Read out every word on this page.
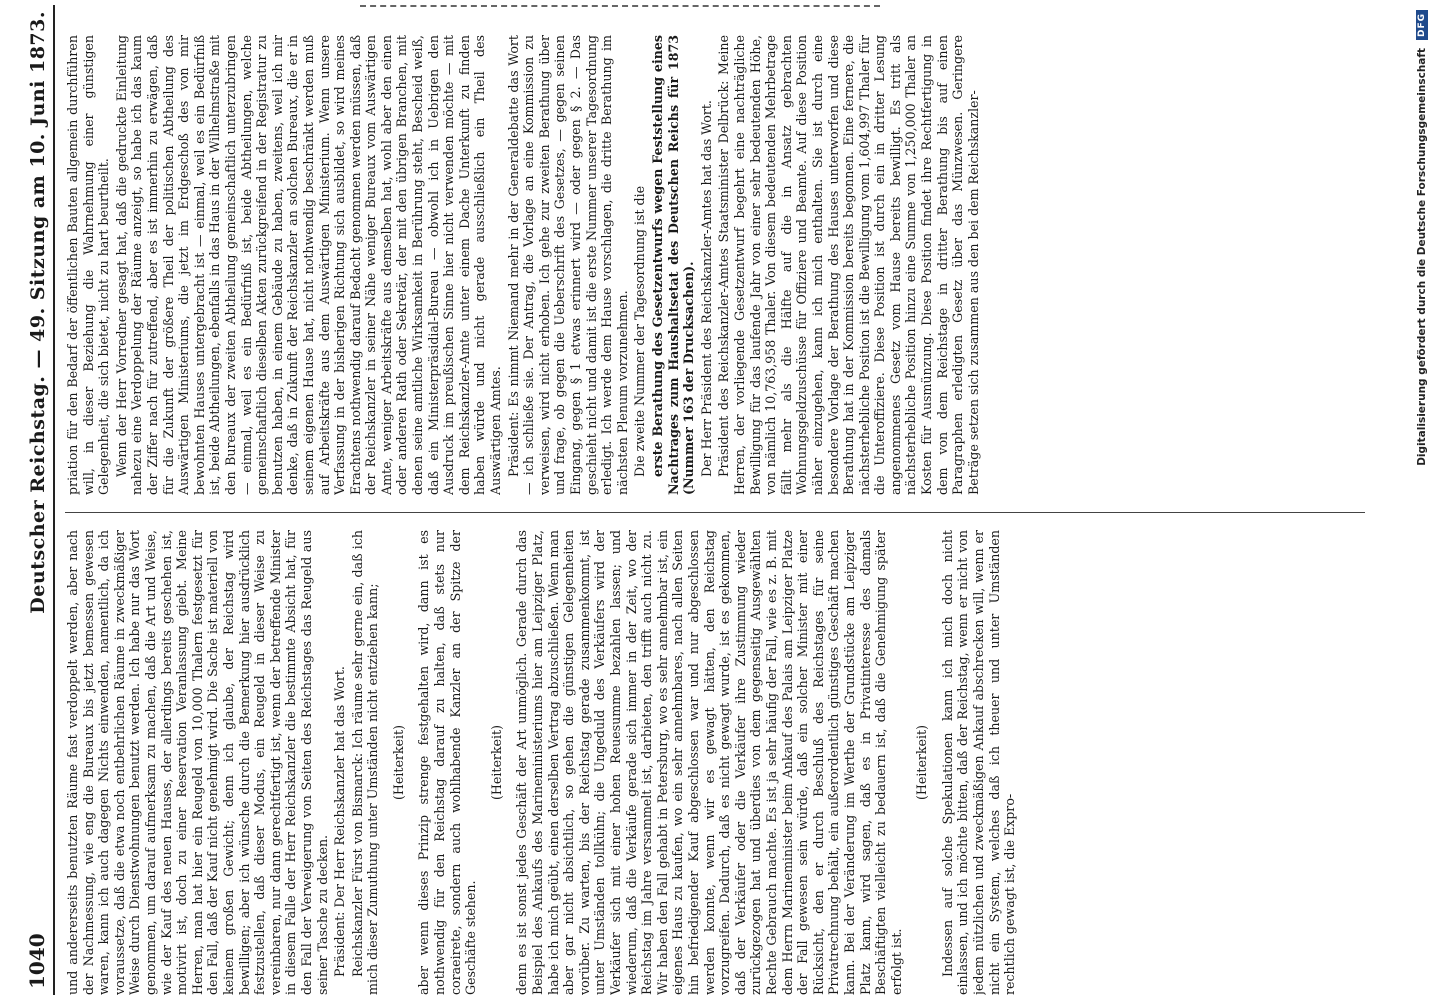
1040
Deutscher Reichstag. — 49. Sitzung am 10. Juni 1873.

und andererseits benutzten Räume fast verdoppelt werden, aber nach der Nachmessung, wie eng die Bureaux bis jetzt bemessen gewesen waren, kann ich auch dagegen Nichts einwenden, namentlich, da ich voraussetze, daß die etwa noch entbehrlichen Räume in zweckmäßiger Weise durch Dienstwohnungen benutzt werden. Ich habe nur das Wort genommen, um darauf aufmerksam zu machen, daß die Art und Weise, wie der Kauf des neuen Hauses, der allerdings bereits geschehen ist, motivirt ist, doch zu einer Reservation Veranlassung giebt. Meine Herren, man hat hier ein Reugeld von 10,000 Thalern festgesetzt für den Fall, daß der Kauf nicht genehmigt wird. Die Sache ist materiell von keinem großen Gewicht; denn ich glaube, der Reichstag wird bewilligen; aber ich wünsche durch die Bemerkung hier ausdrücklich festzustellen, daß dieser Modus, ein Reugeld in dieser Weise zu vereinbaren, nur dann gerechtfertigt ist, wenn der betreffende Minister in diesem Falle der Herr Reichskanzler die bestimmte Absicht hat, für den Fall der Verweigerung von Seiten des Reichstages das Reugeld aus seiner Tasche zu decken. Präsident: Der Herr Reichskanzler hat das Wort. Reichskanzler Fürst von Bismarck: Ich räume sehr gerne ein, daß ich mich dieser Zumuthung unter Umständen nicht entziehen kann; (Heiterkeit) aber wenn dieses Prinzip strenge festgehalten wird, dann ist es nothwendig für den Reichstag darauf zu halten, daß stets nur coraeirete, sondern auch wohlhabende Kanzler an der Spitze der Geschäfte stehen.

(Heiterkeit) denn es ist sonst jedes Geschäft der Art unmöglich. Gerade durch das Beispiel des Ankaufs des Marineministeriums hier am Leipziger Platz, habe ich mich geübt, einen derselben Vertrag abzuschließen. Wenn man aber gar nicht absichtlich, so gehen die günstigen Gelegenheiten vorüber. Zu warten, bis der Reichstag gerade zusammenkommt, ist unter Umständen tollkühn; die Ungeduld des Verkäufers wird der Verkäufer sich mit einer hohen Reuesumme bezahlen lassen; und wiederum, daß die Verkäufe gerade sich immer in der Zeit, wo der Reichstag im Jahre versammelt ist, darbieten, den trifft auch nicht zu. Wir haben den Fall gehabt in Petersburg, wo es sehr annehmbar ist, ein eigenes Haus zu kaufen, wo ein sehr annehmbares, nach allen Seiten hin befriedigender Kauf abgeschlossen war und nur abgeschlossen werden konnte, wenn wir es gewagt hätten, den Reichstag vorzugreifen. Dadurch, daß es nicht gewagt wurde, ist es gekommen, daß der Verkäufer oder die Verkäufer ihre Zustimmung wieder zurückgezogen hat und überdies von dem gegenseitig Ausgewählten Rechte Gebrauch machte. Es ist ja sehr häufig der Fall, wie es z. B. mit dem Herrn Marineminister beim Ankauf des Palais am Leipziger Platze der Fall gewesen sein würde, daß ein solcher Minister mit einer Rücksicht, den er durch Beschluß des Reichstages für seine Privatrechnung behält, ein außerordentlich günstiges Geschäft machen kann. Bei der Veränderung im Werthe der Grundstücke am Leipziger Platz kann, wird sagen, daß es in Privatinteresse des damals Beschäftigten vielleicht zu bedauern ist, daß die Genehmigung später erfolgt ist.

(Heiterkeit) Indessen auf solche Spekulationen kann ich mich doch nicht einlassen, und ich möchte bitten, daß der Reichstag, wenn er nicht von jedem nützlichen und zweckmäßigen Ankauf abschrecken will, wenn er nicht ein System, welches daß ich theuer und unter Umständen rechtlich gewagt ist, die Expro-

priation für den Bedarf der öffentlichen Bauten allgemein durchführen will, in dieser Beziehung die Wahrnehmung einer günstigen Gelegenheit, die sich bietet, nicht zu hart beurtheilt. Wenn der Herr Vorredner gesagt hat, daß die gedruckte Einleitung nahezu eine Verdoppelung der Räume anzeigt, so habe ich das kaum der Ziffer nach für zutreffend, aber es ist immerhin zu erwägen, daß für die Zukunft der größere Theil der politischen Abtheilung des Auswärtigen Ministeriums, die jetzt im Erdgeschoß des von mir bewohnten Hauses untergebracht ist — einmal, weil es ein Bedürfniß ist, beide Abtheilungen, ebenfalls in das Haus in der Wilhelmstraße mit den Bureaux der zweiten Abtheilung gemeinschaftlich unterzubringen — einmal, weil es ein Bedürfniß ist, beide Abtheilungen, welche gemeinschaftlich dieselben Akten zurückgreifend in der Registratur zu benutzen haben, in einem Gebäude zu haben, zweitens, weil ich mir denke, daß in Zukunft der Reichskanzler an solchen Bureaux, die er in seinem eigenen Hause hat, nicht nothwendig beschränkt werden muß auf Arbeitskräfte aus dem Auswärtigen Ministerium. Wenn unsere Verfassung in der bisherigen Richtung sich ausbildet, so wird meines Erachtens nothwendig darauf Bedacht genommen werden müssen, daß der Reichskanzler in seiner Nähe weniger Bureaux vom Auswärtigen Amte, weniger Arbeitskräfte aus demselben hat, wohl aber den einen oder anderen Rath oder Sekretär, der mit den übrigen Branchen, mit denen seine amtliche Wirksamkeit in Berührung steht, Bescheid weiß, daß ein Ministerpräsidial-Bureau — obwohl ich in Uebrigen den Ausdruck im preußischen Sinne hier nicht verwenden möchte — mit dem Reichskanzler-Amte unter einem Dache Unterkunft zu finden haben würde und nicht gerade ausschließlich ein Theil des Auswärtigen Amtes. Präsident: Es nimmt Niemand mehr in der Generaldebatte das Wort — ich schließe sie. Der Antrag, die Vorlage an eine Kommission zu verweisen, wird nicht erhoben. Ich gehe zur zweiten Berathung über und frage, ob gegen die Ueberschrift des Gesetzes, — gegen seinen Eingang, gegen § 1 etwas erinnert wird — oder gegen § 2. — Das geschieht nicht und damit ist die erste Nummer unserer Tagesordnung erledigt. Ich werde dem Hause vorschlagen, die dritte Berathung im nächsten Plenum vorzunehmen. Die zweite Nummer der Tagesordnung ist die erste Berathung des Gesetzentwurfs wegen Feststellung eines Nachtrages zum Haushaltsetat des Deutschen Reichs für 1873 (Nummer 163 der Drucksachen). Der Herr Präsident des Reichskanzler-Amtes hat das Wort. Präsident des Reichskanzler-Amtes Staatsminister Delbrück: Meine Herren, der vorliegende Gesetzentwurf begehrt eine nachträgliche Bewilligung für das laufende Jahr von einer sehr bedeutenden Höhe, von nämlich 10,763,958 Thaler. Von diesem bedeutenden Mehrbetrage fällt mehr als die Hälfte auf die in Ansatz gebrachten Wohnungsgeldzuschüsse für Offiziere und Beamte. Auf diese Position näher einzugehen, kann ich mich enthalten. Sie ist durch eine besondere Vorlage der Berathung des Hauses unterworfen und diese Berathung hat in der Kommission bereits begonnen. Eine fernere, die nächsterhebliche Position ist die Bewilligung vom 1,604,997 Thaler für die Unteroffiziere. Diese Position ist durch ein in dritter Lesung angenommenes Gesetz vom Hause bereits bewilligt. Es tritt als nächsterhebliche Position hinzu eine Summe von 1,250,000 Thaler an Kosten für Ausmünzung. Diese Position findet ihre Rechtfertigung in dem von dem Reichstage in dritter Berathung bis auf einen Paragraphen erledigten Gesetz über das Münzwesen. Geringere Beträge setzen sich zusammen aus den bei dem Reichskanzler-	Digitalisierung gefördert durch die Deutsche Forschungsgemeinschaft
DFG
